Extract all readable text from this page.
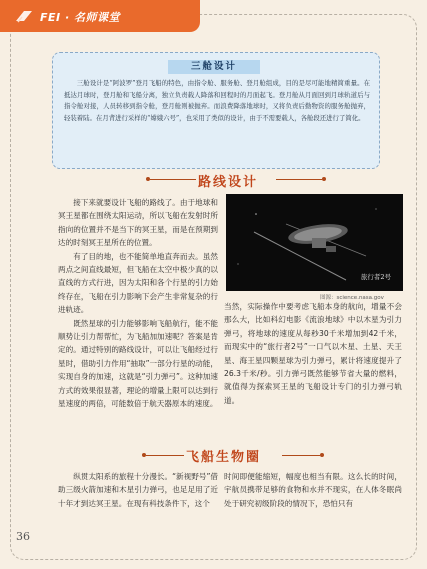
FEI · 名师课堂
三舱设计
三舱设计是“阿波罗”登月飞船的特色，由指令舱、服务舱、登月舱组成，目的是尽可能地精简重量。在抵达月球时，登月舱和飞船分离，独立负责载人降落和回程时的月面起飞。登月舱从月面回到月球轨道后与指令舱对接，人员转移到指令舱，登月舱则被抛弃。而浪费降落地球时，又将负责后勤物资的服务舱抛弃，轻装着陆。在月背进行采样的“嫦娥六号”，也采用了类似的设计，由于不需要载人，各舱段还进行了简化。
路线设计

接下来就要设计飞船的路线了。由于地球和冥王星都在围绕太阳运动，所以飞船在发射时所指向的位置并不是当下的冥王星，而是在预期到达的时刻冥王星所在的位置。

有了目的地，也不能简单地直奔而去。虽然两点之间直线最短，但飞船在太空中极少真的以直线的方式行进，因为太阳和各个行星的引力始终存在，飞船在引力影响下会产生非常复杂的行进轨迹。

既然星球的引力能够影响飞船航行，能不能顺势让引力帮帮忙，为飞船加加速呢？答案是肯定的。通过特别的路线设计，可以让飞船经过行星时，借助引力作用“抽取”一部分行星的动能，实现自身的加速，这就是“引力弹弓”。这种加速方式的效果很显著，理论的增量上限可以达到行星速度的两倍，可能数倍于航天器原本的速度。

旅行者2号
图源：science.nasa.gov

当然，实际操作中要考虑飞船本身的航向，增量不会那么大，比如科幻电影《流浪地球》中以木星为引力弹弓，将地球的速度从每秒30千米增加到42千米，而现实中的“旅行者2号”一口气以木星、土星、天王星、海王星四颗星球为引力弹弓，累计将速度提升了26.3千米/秒。引力弹弓既然能够节省大量的燃料，就值得为探索冥王星的飞船设计专门的引力弹弓轨道。

飞船生物圈

纵贯太阳系的旅程十分漫长。“新视野号”借助三级火箭加速和木星引力弹弓，也足足用了近十年才到达冥王星。在现有科技条件下，这个

时间即便能缩短，幅度也相当有限。这么长的时间，宇航员携带足够的食物和水并不现实，在人体冬眠尚处于研究初级阶段的情况下，恐怕只有

36
